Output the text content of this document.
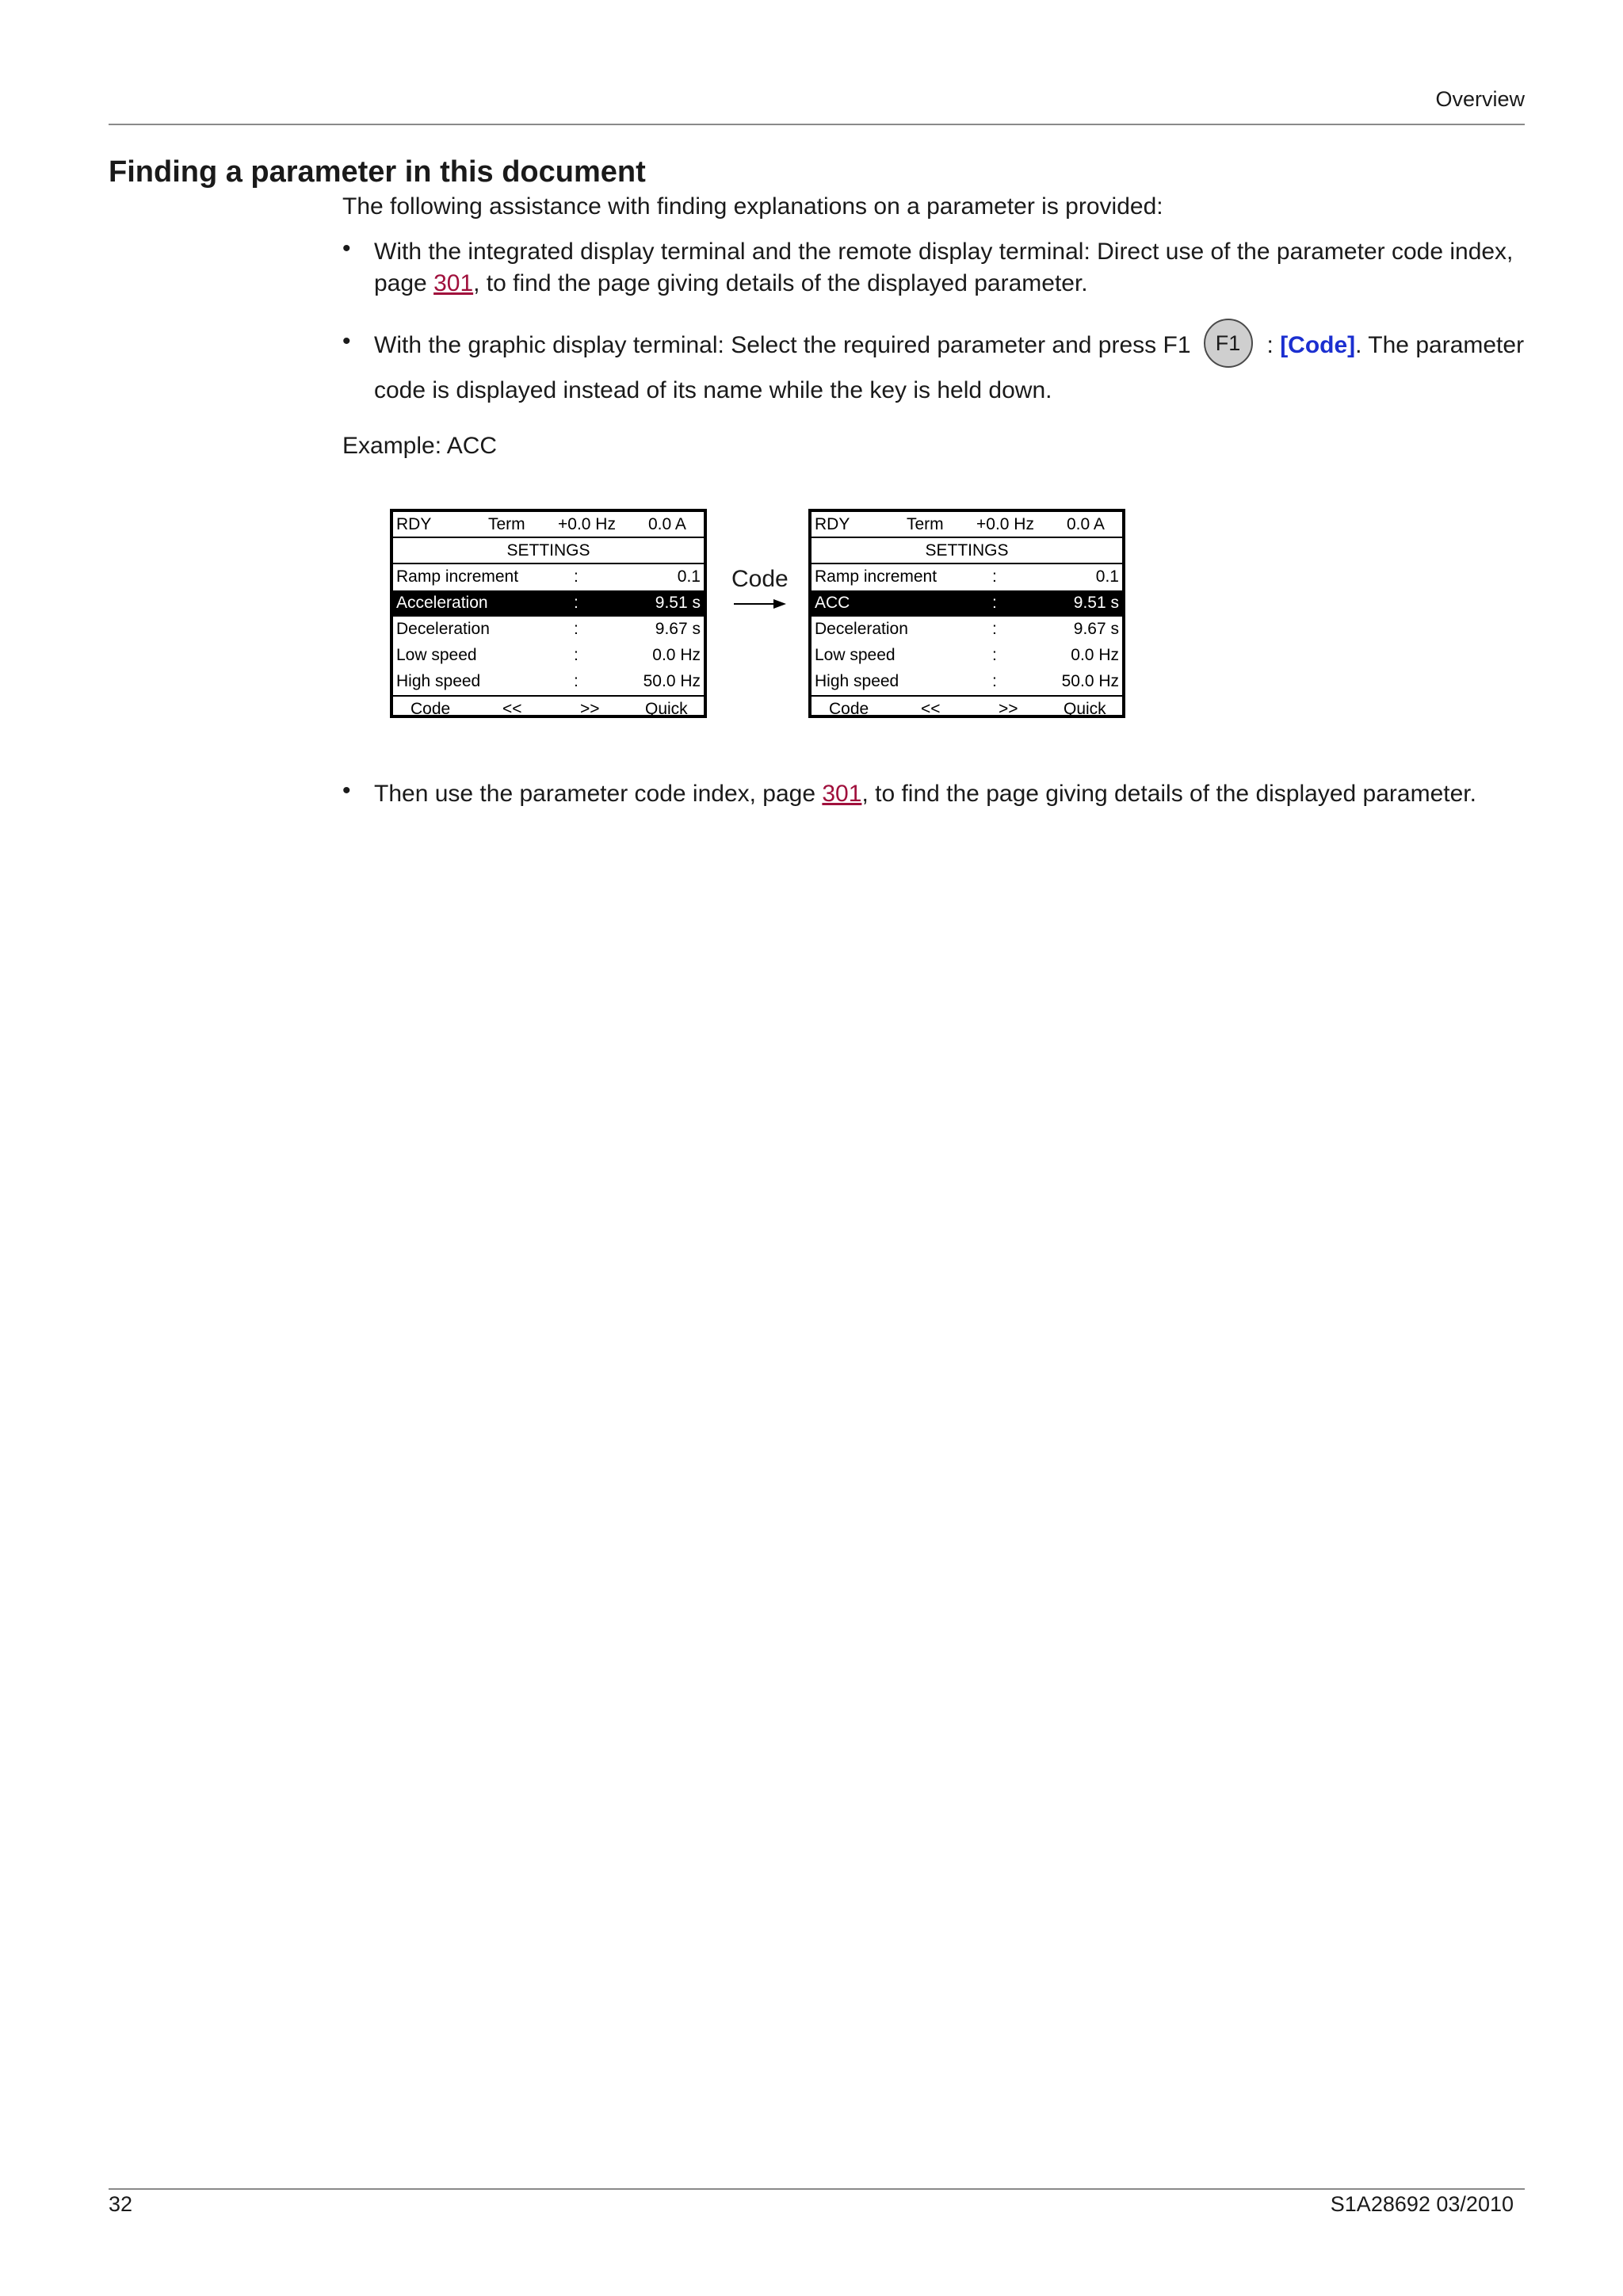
Overview
Finding a parameter in this document
The following assistance with finding explanations on a parameter is provided:
• With the integrated display terminal and the remote display terminal: Direct use of the parameter code index, page 301, to find the page giving details of the displayed parameter.
• With the graphic display terminal: Select the required parameter and press F1 F1 : [Code]. The parameter code is displayed instead of its name while the key is held down.
Example: ACC
RDY	Term +0.0 Hz 0.0 A
SETTINGS
Ramp increment	:	0.1
Acceleration	:	9.51 s
Deceleration	:	9.67 s
Low speed	:	0.0 Hz
High speed	:	50.0 Hz
Code	<<	>>	Quick
Code
RDY	Term +0.0 Hz 0.0 A
SETTINGS
Ramp increment	:	0.1
ACC	:	9.51 s
Deceleration	:	9.67 s
Low speed	:	0.0 Hz
High speed	:	50.0 Hz
Code	<<	>>	Quick
• Then use the parameter code index, page 301, to find the page giving details of the displayed parameter.
32	S1A28692 03/2010
